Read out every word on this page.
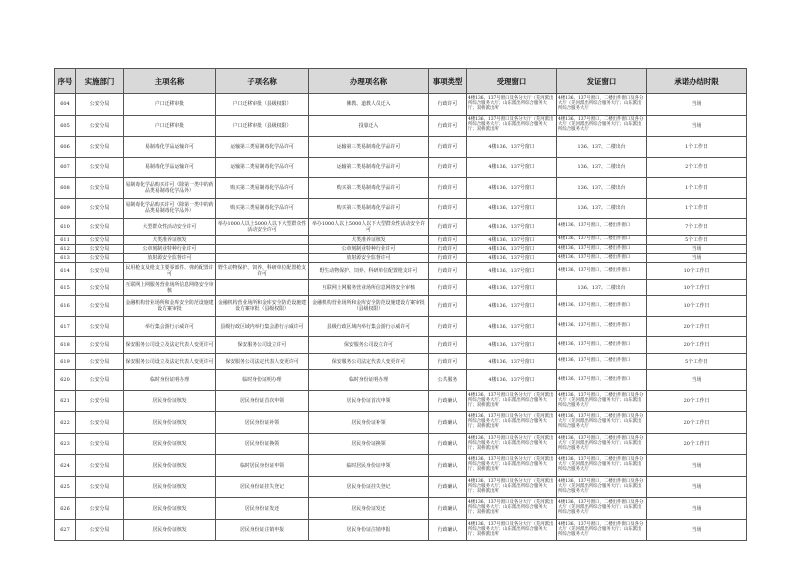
序号	实施部门	主项名称	子项名称	办理项名称	事项类型	受理窗口	发证窗口	承诺办结时限
604	公安分局	户口迁移审批	户口迁移审批（县级权限）	佛教、道教人员迁入	行政许可	4楼136、137号窗口及各分大厅（芜河派出所综合服务大厅；山东派出所综合服务大厅；双桥派出所	4楼136、137号窗口，二楼出件窗口及各分大厅（芜河派出所综合服务大厅；山东派出所综合服务大厅	当场
605	公安分局	户口迁移审批	户口迁移审批（县级权限）	投靠迁入	行政许可	4楼136、137号窗口及各分大厅（芜河派出所综合服务大厅；山东派出所综合服务大厅；双桥派出所	4楼136、137号窗口，二楼出件窗口及各分大厅（芜河派出所综合服务大厅；山东派出所综合服务大厅	当场
606	公安分局	易制毒化学品运输许可	运输第三类易制毒化学品许可	运输第三类易制毒化学品许可	行政许可	4楼136、137号窗口	136、137、二楼出台	1个工作日
607	公安分局	易制毒化学品运输许可	运输第二类易制毒化学品许可	运输第二类易制毒化学品许可	行政许可	4楼136、137号窗口	136、137、二楼出台	2个工作日
608	公安分局	易制毒化学品购买许可（除第一类中的药品类易制毒化学品外）	购买第二类易制毒化学品许可	购买第二类易制毒化学品许可	行政许可	4楼136、137号窗口	136、137、二楼出台	1个工作日
609	公安分局	易制毒化学品购买许可（除第一类中的药品类易制毒化学品外）	购买第三类易制毒化学品许可	购买第三类易制毒化学品许可	行政许可	4楼136、137号窗口	136、137、二楼出台	1个工作日
610	公安分局	大型群众性活动安全许可	举办1000人以上5000人以下大型群众性活动安全许可	举办1000人以上5000人以下大型群众性活动安全许可	行政许可	4楼136、137号窗口	4楼136、137号窗口，二楼出件窗口	7个工作日
611	公安分局	犬类准养证核发		犬类准养证核发	行政许可	4楼136、137号窗口	4楼136、137号窗口，二楼出件窗口	5个工作日
612	公安分局	公章刻制业特种行业许可		公章刻制业特种行业许可	行政许可	4楼136、137号窗口	4楼136、137号窗口，二楼出件窗口	当场
613	公安分局	放射源安全监督许可		放射源安全监督许可	行政许可	4楼136、137号窗口	4楼136、137号窗口，二楼出件窗口	当场
614	公安分局	民用枪支及枪支主要零部件、弹药配置许可	野生动物保护、饲养、科研单位配置枪支许可	野生动物保护、饲养、科研单位配置枪支许可	行政许可	4楼136、137号窗口	4楼136、137号窗口，二楼出件窗口	10个工作日
615	公安分局	互联网上网服务营业场所信息网络安全审核		互联网上网服务营业场所信息网络安全审核	行政许可	4楼136、137号窗口	136、137、二楼出台	10个工作日
616	公安分局	金融机构营业场所和金库安全防范设施建设方案审批	金融机构营业场所和金库安全防范设施建设方案审批（县级权限）	金融机构营业场所和金库安全防范设施建设方案审批（县级权限）	行政许可	4楼136、137号窗口	4楼136、137号窗口，二楼出件窗口	10个工作日
617	公安分局	举行集会游行示威许可	县级行政区域内举行集会游行示威许可	县级行政区域内举行集会游行示威许可	行政许可	4楼136、137号窗口	4楼136、137号窗口，二楼出件窗口	20个工作日
618	公安分局	保安服务公司设立及法定代表人变更许可	保安服务公司设立许可	保安服务公司设立许可	行政许可	4楼136、137号窗口	4楼136、137号窗口，二楼出件窗口	20个工作日
619	公安分局	保安服务公司设立及法定代表人变更许可	保安服务公司法定代表人变更许可	保安服务公司法定代表人变更许可	行政许可	4楼136、137号窗口	4楼136、137号窗口，二楼出件窗口	5个工作日
620	公安分局	临时身份证明办理	临时身份证明办理	临时身份证明办理	公共服务	4楼136、137号窗口	4楼136、137号窗口，二楼出件窗口	当场
621	公安分局	居民身份证核发	居民身份证首次申领	居民身份证首次申领	行政确认	4楼136、137号窗口及各分大厅（芜河派出所综合服务大厅；山东派出所综合服务大厅；双桥派出所	4楼136、137号窗口，二楼出件窗口及各分大厅（芜河派出所综合服务大厅；山东派出所综合服务大厅	20个工作日
622	公安分局	居民身份证核发	居民身份证补领	居民身份证补领	行政确认	4楼136、137号窗口及各分大厅（芜河派出所综合服务大厅；山东派出所综合服务大厅；双桥派出所	4楼136、137号窗口，二楼出件窗口及各分大厅（芜河派出所综合服务大厅；山东派出所综合服务大厅	20个工作日
623	公安分局	居民身份证核发	居民身份证换领	居民身份证换领	行政确认	4楼136、137号窗口及各分大厅（芜河派出所综合服务大厅；山东派出所综合服务大厅；双桥派出所	4楼136、137号窗口，二楼出件窗口及各分大厅（芜河派出所综合服务大厅；山东派出所综合服务大厅	20个工作日
624	公安分局	居民身份证核发	临时居民身份证申领	临时居民身份证申领	行政确认	4楼136、137号窗口及各分大厅（芜河派出所综合服务大厅；山东派出所综合服务大厅；双桥派出所	4楼136、137号窗口，二楼出件窗口及各分大厅（芜河派出所综合服务大厅；山东派出所综合服务大厅	当场
625	公安分局	居民身份证核发	居民身份证挂失登记	居民身份证挂失登记	行政确认	4楼136、137号窗口及各分大厅（芜河派出所综合服务大厅；山东派出所综合服务大厅；双桥派出所	4楼136、137号窗口，二楼出件窗口及各分大厅（芜河派出所综合服务大厅；山东派出所综合服务大厅	当场
626	公安分局	居民身份证核发	居民身份证发还	居民身份证发还	行政确认	4楼136、137号窗口及各分大厅（芜河派出所综合服务大厅；山东派出所综合服务大厅；双桥派出所	4楼136、137号窗口，二楼出件窗口及各分大厅（芜河派出所综合服务大厅；山东派出所综合服务大厅	当场
627	公安分局	居民身份证核发	居民身份证注销申报	居民身份证注销申报	行政确认	4楼136、137号窗口及各分大厅（芜河派出所综合服务大厅；山东派出所综合服务大厅；双桥派出所	4楼136、137号窗口，二楼出件窗口及各分大厅（芜河派出所综合服务大厅；山东派出所综合服务大厅	当场
